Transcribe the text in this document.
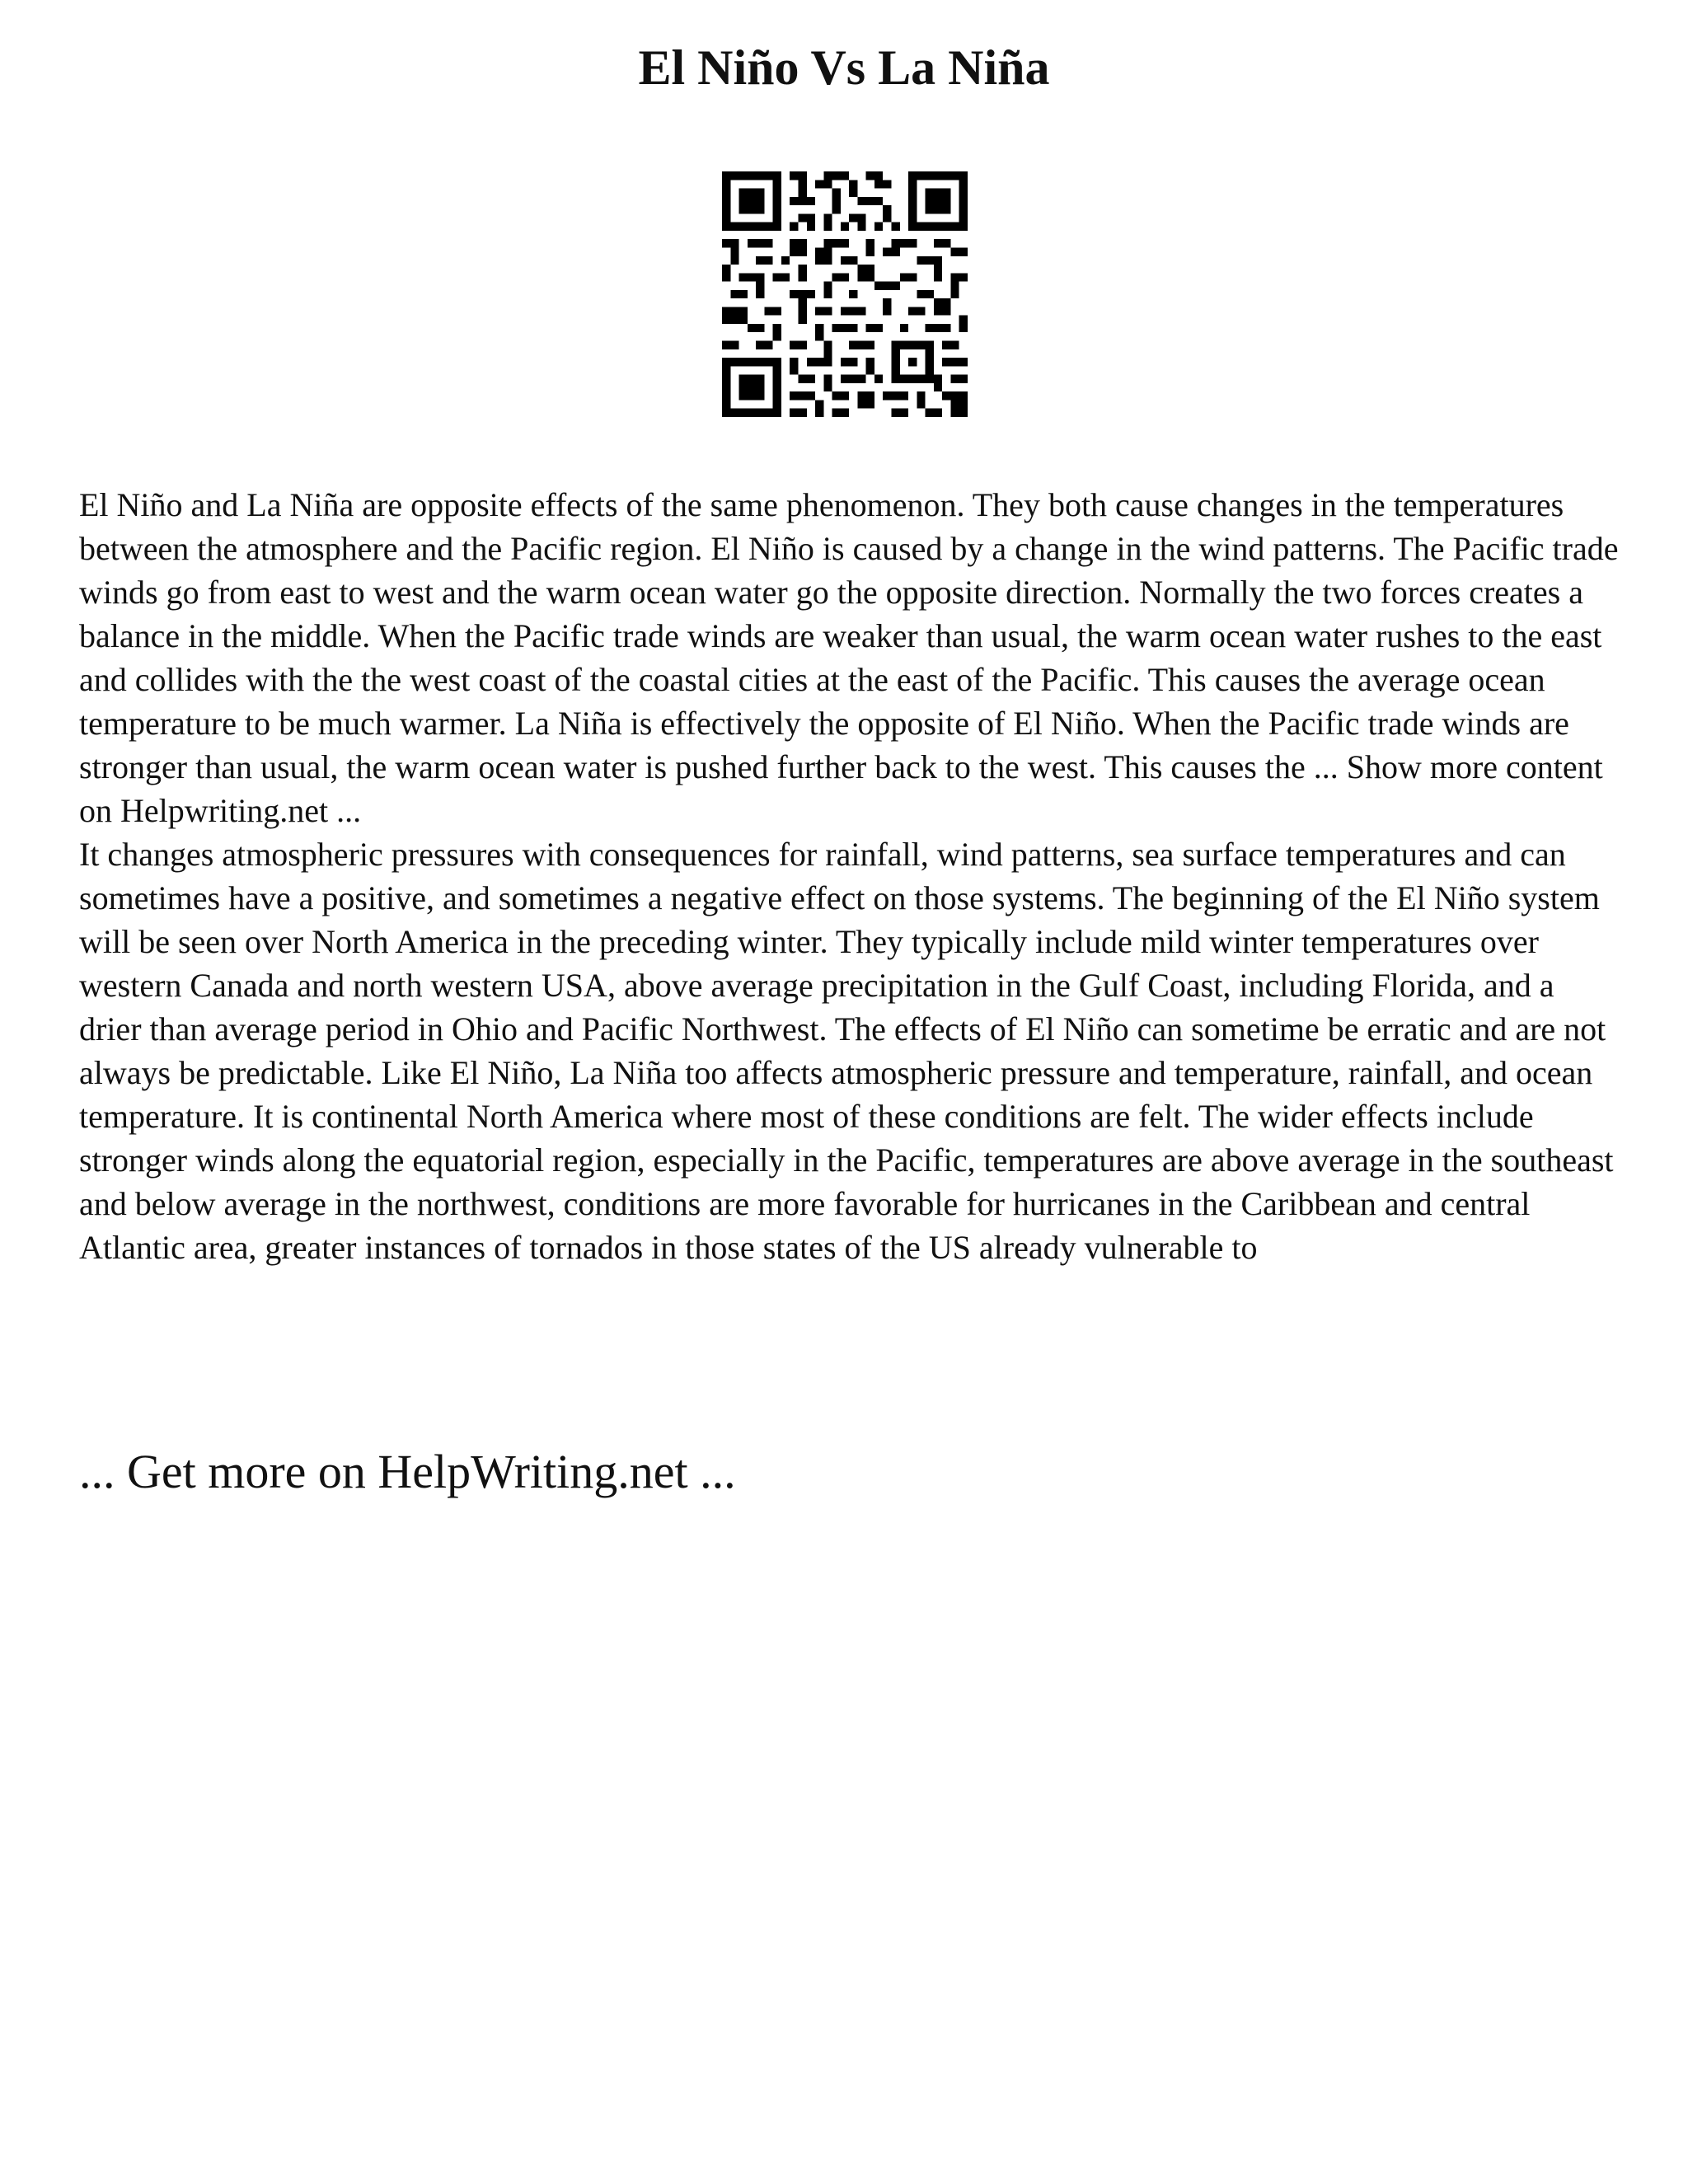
El Niño Vs La Niña

El Niño and La Niña are opposite effects of the same phenomenon. They both cause changes in the temperatures between the atmosphere and the Pacific region. El Niño is caused by a change in the wind patterns. The Pacific trade winds go from east to west and the warm ocean water go the opposite direction. Normally the two forces creates a balance in the middle. When the Pacific trade winds are weaker than usual, the warm ocean water rushes to the east and collides with the the west coast of the coastal cities at the east of the Pacific. This causes the average ocean temperature to be much warmer. La Niña is effectively the opposite of El Niño. When the Pacific trade winds are stronger than usual, the warm ocean water is pushed further back to the west. This causes the ... Show more content on Helpwriting.net ...

It changes atmospheric pressures with consequences for rainfall, wind patterns, sea surface temperatures and can sometimes have a positive, and sometimes a negative effect on those systems. The beginning of the El Niño system will be seen over North America in the preceding winter. They typically include mild winter temperatures over western Canada and north western USA, above average precipitation in the Gulf Coast, including Florida, and a drier than average period in Ohio and Pacific Northwest. The effects of El Niño can sometime be erratic and are not always be predictable. Like El Niño, La Niña too affects atmospheric pressure and temperature, rainfall, and ocean temperature. It is continental North America where most of these conditions are felt. The wider effects include stronger winds along the equatorial region, especially in the Pacific, temperatures are above average in the southeast and below average in the northwest, conditions are more favorable for hurricanes in the Caribbean and central Atlantic area, greater instances of tornados in those states of the US already vulnerable to

... Get more on HelpWriting.net ...
